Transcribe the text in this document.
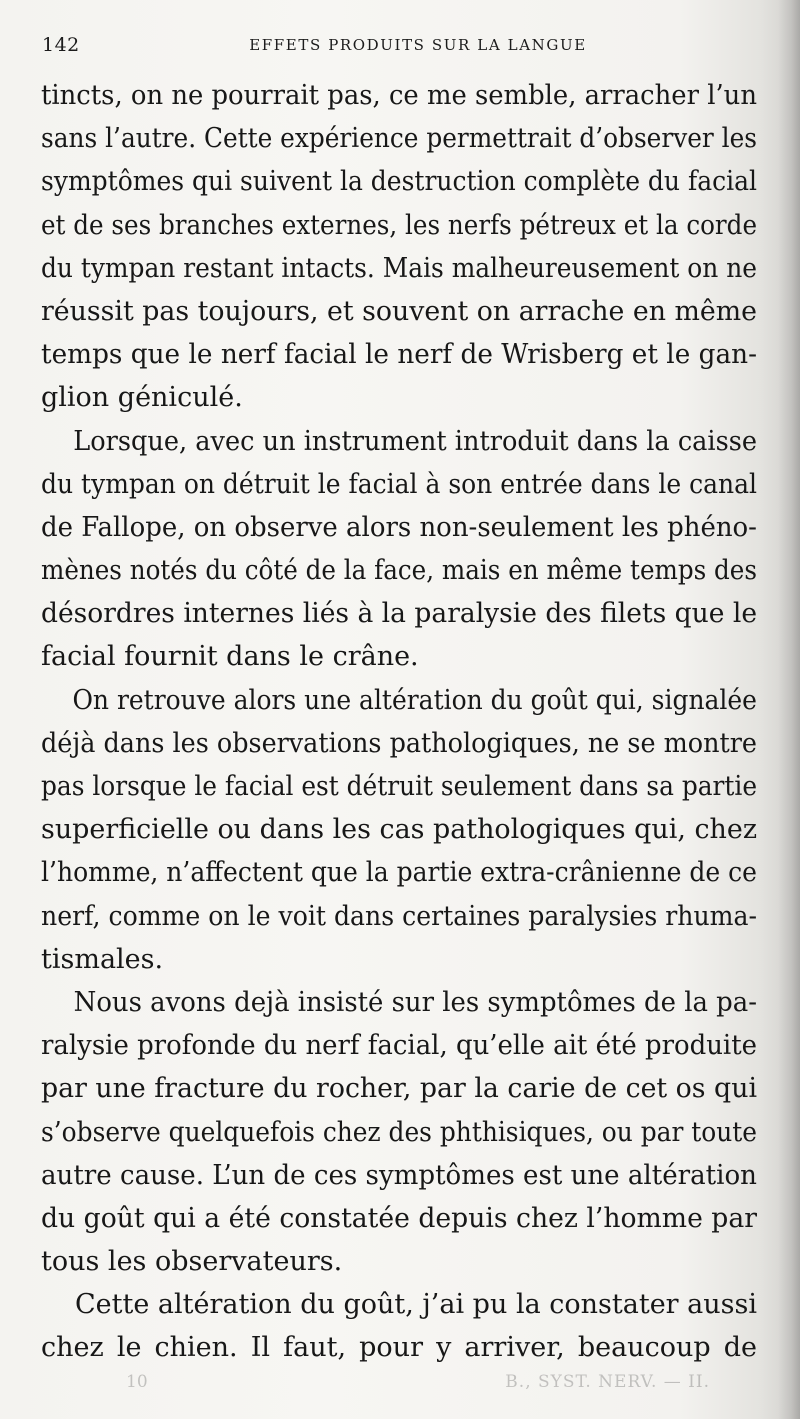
142	EFFETS PRODUITS SUR LA LANGUE
tincts, on ne pourrait pas, ce me semble, arracher l’un
sans l’autre. Cette expérience permettrait d’observer les
symptômes qui suivent la destruction complète du facial
et de ses branches externes, les nerfs pétreux et la corde
du tympan restant intacts. Mais malheureusement on ne
réussit pas toujours, et souvent on arrache en même
temps que le nerf facial le nerf de Wrisberg et le gan-
glion géniculé.
Lorsque, avec un instrument introduit dans la caisse
du tympan on détruit le facial à son entrée dans le canal
de Fallope, on observe alors non-seulement les phéno-
mènes notés du côté de la face, mais en même temps des
désordres internes liés à la paralysie des filets que le
facial fournit dans le crâne.
On retrouve alors une altération du goût qui, signalée
déjà dans les observations pathologiques, ne se montre
pas lorsque le facial est détruit seulement dans sa partie
superficielle ou dans les cas pathologiques qui, chez
l’homme, n’affectent que la partie extra-crânienne de ce
nerf, comme on le voit dans certaines paralysies rhuma-
tismales.
Nous avons dejà insisté sur les symptômes de la pa-
ralysie profonde du nerf facial, qu’elle ait été produite
par une fracture du rocher, par la carie de cet os qui
s’observe quelquefois chez des phthisiques, ou par toute
autre cause. L’un de ces symptômes est une altération
du goût qui a été constatée depuis chez l’homme par
tous les observateurs.
Cette altération du goût, j’ai pu la constater aussi
chez le chien. Il faut, pour y arriver, beaucoup de
10	B., SYST. NERV. — II.
